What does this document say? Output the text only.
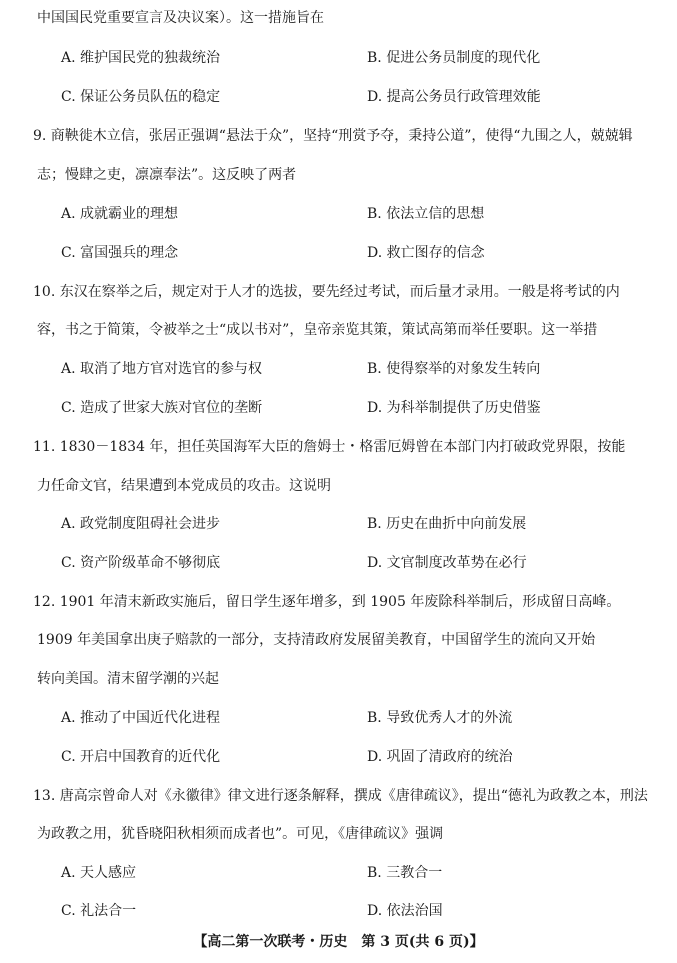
中国国民党重要宣言及决议案）。这一措施旨在
A. 维护国民党的独裁统治	B. 促进公务员制度的现代化
C. 保证公务员队伍的稳定	D. 提高公务员行政管理效能
9. 商鞅徙木立信，张居正强调“悬法于众”，坚持“刑赏予夺，秉持公道”，使得“九围之人，兢兢辑
志；慢肆之吏，凛凛奉法”。这反映了两者
A. 成就霸业的理想	B. 依法立信的思想
C. 富国强兵的理念	D. 救亡图存的信念
10. 东汉在察举之后，规定对于人才的选拔，要先经过考试，而后量才录用。一般是将考试的内
容，书之于简策，令被举之士“成以书对”，皇帝亲览其策，策试高第而举任要职。这一举措
A. 取消了地方官对选官的参与权	B. 使得察举的对象发生转向
C. 造成了世家大族对官位的垄断	D. 为科举制提供了历史借鉴
11. 1830－1834 年，担任英国海军大臣的詹姆士・格雷厄姆曾在本部门内打破政党界限，按能
力任命文官，结果遭到本党成员的攻击。这说明
A. 政党制度阻碍社会进步	B. 历史在曲折中向前发展
C. 资产阶级革命不够彻底	D. 文官制度改革势在必行
12. 1901 年清末新政实施后，留日学生逐年增多，到 1905 年废除科举制后，形成留日高峰。
1909 年美国拿出庚子赔款的一部分，支持清政府发展留美教育，中国留学生的流向又开始
转向美国。清末留学潮的兴起
A. 推动了中国近代化进程	B. 导致优秀人才的外流
C. 开启中国教育的近代化	D. 巩固了清政府的统治
13. 唐高宗曾命人对《永徽律》律文进行逐条解释，撰成《唐律疏议》，提出“德礼为政教之本，刑法
为政教之用，犹昏晓阳秋相须而成者也”。可见，《唐律疏议》强调
A. 天人感应	B. 三教合一
C. 礼法合一	D. 依法治国
【高二第一次联考・历史　第 3 页(共 6 页)】
